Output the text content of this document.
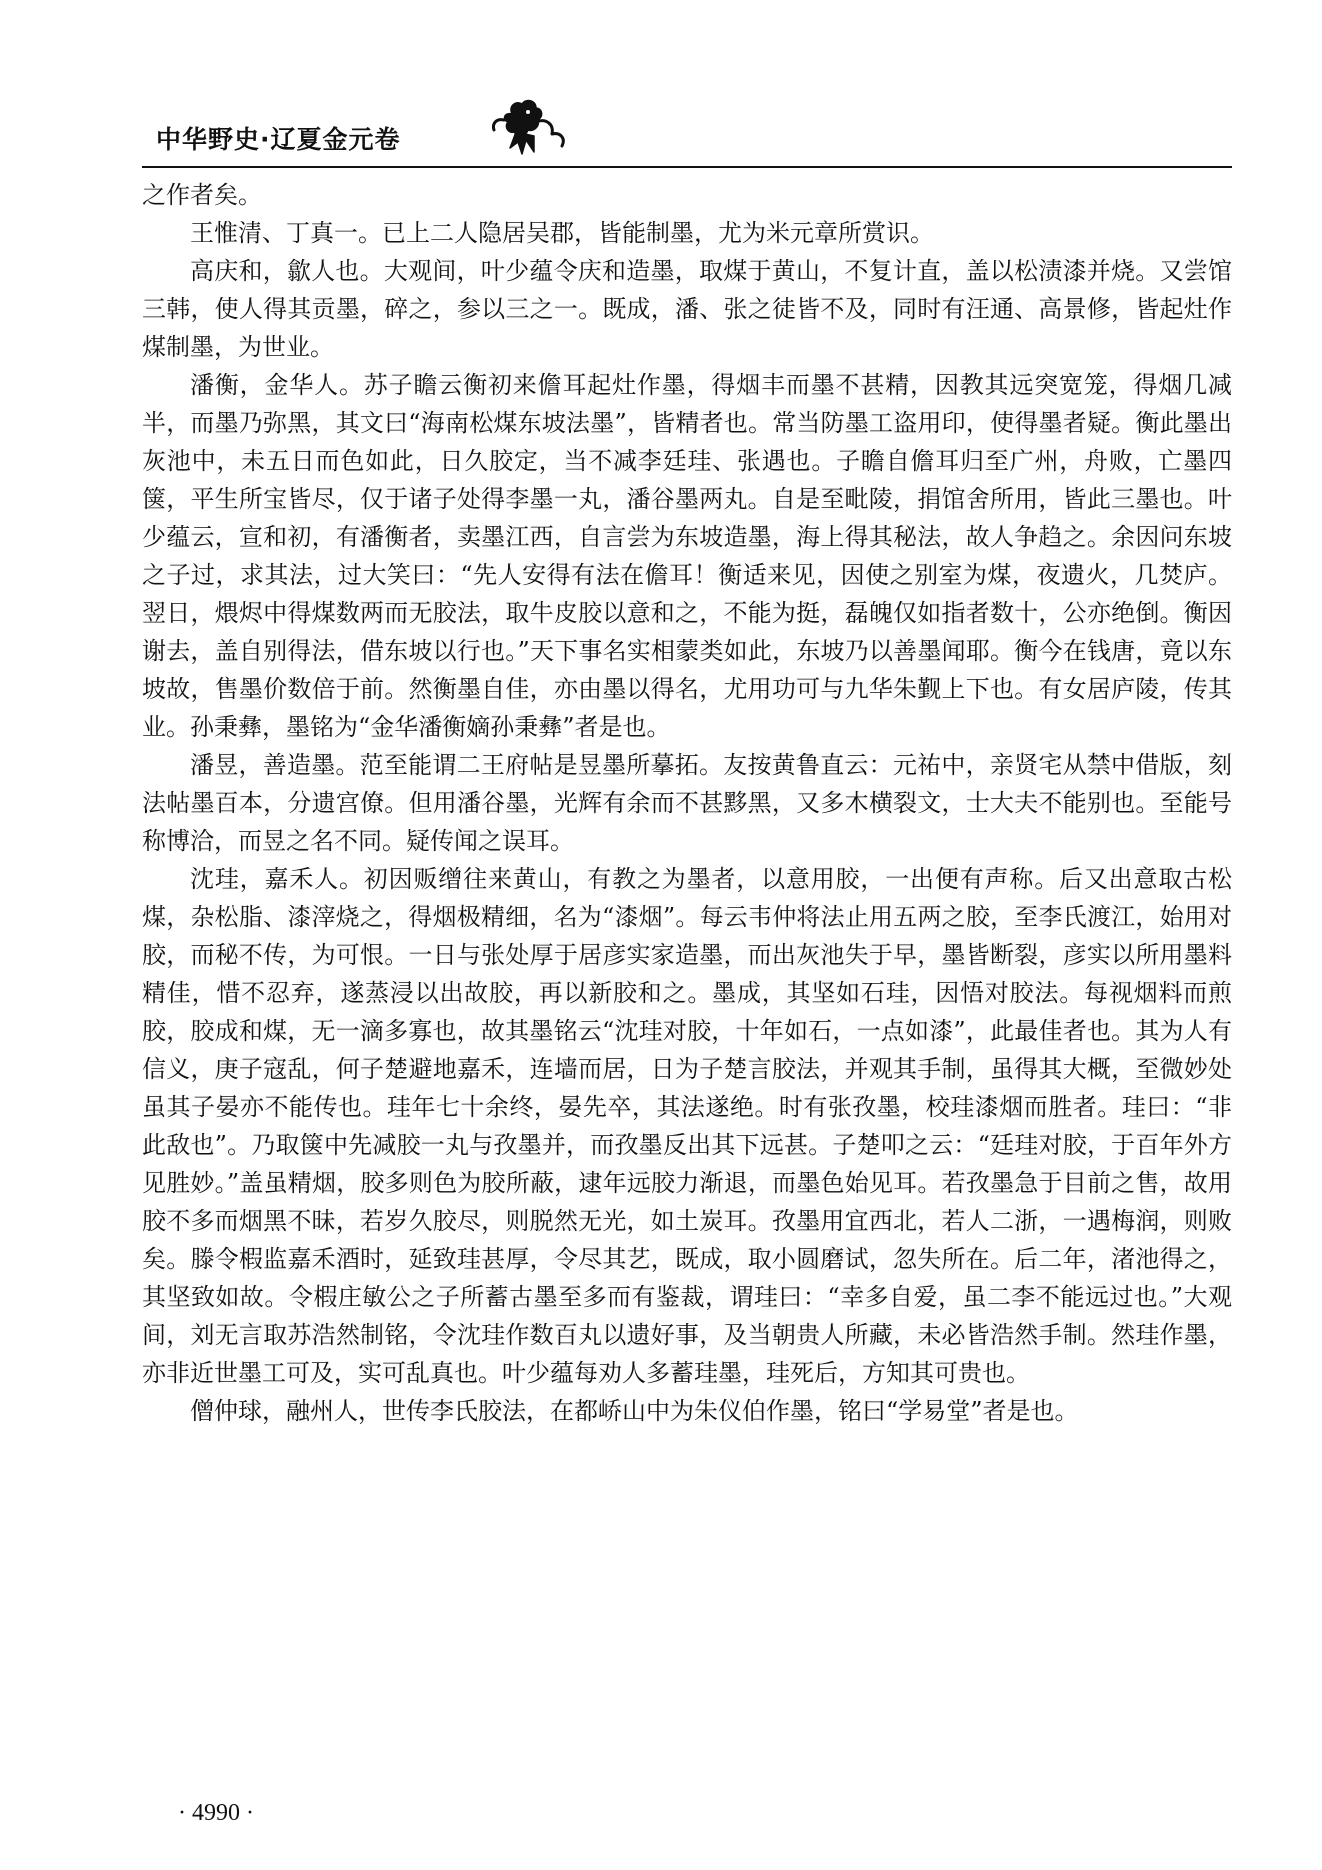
中华野史·辽夏金元卷

之作者矣。

王惟清、丁真一。已上二人隐居吴郡，皆能制墨，尤为米元章所赏识。

高庆和，歙人也。大观间，叶少蕴令庆和造墨，取煤于黄山，不复计直，盖以松渍漆并烧。又尝馆三韩，使人得其贡墨，碎之，参以三之一。既成，潘、张之徒皆不及，同时有汪通、高景修，皆起灶作煤制墨，为世业。

潘衡，金华人。苏子瞻云衡初来儋耳起灶作墨，得烟丰而墨不甚精，因教其远突宽笼，得烟几减半，而墨乃弥黑，其文曰“海南松煤东坡法墨”，皆精者也。常当防墨工盗用印，使得墨者疑。衡此墨出灰池中，未五日而色如此，日久胶定，当不减李廷珪、张遇也。子瞻自儋耳归至广州，舟败，亡墨四箧，平生所宝皆尽，仅于诸子处得李墨一丸，潘谷墨两丸。自是至毗陵，捐馆舍所用，皆此三墨也。叶少蕴云，宣和初，有潘衡者，卖墨江西，自言尝为东坡造墨，海上得其秘法，故人争趋之。余因问东坡之子过，求其法，过大笑曰：“先人安得有法在儋耳！衡适来见，因使之别室为煤，夜遗火，几焚庐。翌日，煨烬中得煤数两而无胶法，取牛皮胶以意和之，不能为挺，磊魄仅如指者数十，公亦绝倒。衡因谢去，盖自别得法，借东坡以行也。”天下事名实相蒙类如此，东坡乃以善墨闻耶。衡今在钱唐，竟以东坡故，售墨价数倍于前。然衡墨自佳，亦由墨以得名，尤用功可与九华朱觐上下也。有女居庐陵，传其业。孙秉彝，墨铭为“金华潘衡嫡孙秉彝”者是也。

潘昱，善造墨。范至能谓二王府帖是昱墨所摹拓。友按黄鲁直云：元祐中，亲贤宅从禁中借版，刻法帖墨百本，分遗宫僚。但用潘谷墨，光辉有余而不甚黟黑，又多木横裂文，士大夫不能别也。至能号称博洽，而昱之名不同。疑传闻之误耳。

沈珪，嘉禾人。初因贩缯往来黄山，有教之为墨者，以意用胶，一出便有声称。后又出意取古松煤，杂松脂、漆滓烧之，得烟极精细，名为“漆烟”。每云韦仲将法止用五两之胶，至李氏渡江，始用对胶，而秘不传，为可恨。一日与张处厚于居彦实家造墨，而出灰池失于早，墨皆断裂，彦实以所用墨料精佳，惜不忍弃，遂蒸浸以出故胶，再以新胶和之。墨成，其坚如石珪，因悟对胶法。每视烟料而煎胶，胶成和煤，无一滴多寡也，故其墨铭云“沈珪对胶，十年如石，一点如漆”，此最佳者也。其为人有信义，庚子寇乱，何子楚避地嘉禾，连墙而居，日为子楚言胶法，并观其手制，虽得其大概，至微妙处虽其子晏亦不能传也。珪年七十余终，晏先卒，其法遂绝。时有张孜墨，校珪漆烟而胜者。珪曰：“非此敌也”。乃取箧中先减胶一丸与孜墨并，而孜墨反出其下远甚。子楚叩之云：“廷珪对胶，于百年外方见胜妙。”盖虽精烟，胶多则色为胶所蔽，逮年远胶力渐退，而墨色始见耳。若孜墨急于目前之售，故用胶不多而烟黑不昧，若岁久胶尽，则脱然无光，如土炭耳。孜墨用宜西北，若人二浙，一遇梅润，则败矣。滕令椵监嘉禾酒时，延致珪甚厚，令尽其艺，既成，取小圆磨试，忽失所在。后二年，渚池得之，其坚致如故。令椵庄敏公之子所蓄古墨至多而有鉴裁，谓珪曰：“幸多自爱，虽二李不能远过也。”大观间，刘无言取苏浩然制铭，令沈珪作数百丸以遗好事，及当朝贵人所藏，未必皆浩然手制。然珪作墨，亦非近世墨工可及，实可乱真也。叶少蕴每劝人多蓄珪墨，珪死后，方知其可贵也。

僧仲球，融州人，世传李氏胶法，在都峤山中为朱仪伯作墨，铭曰“学易堂”者是也。

· 4990 ·
